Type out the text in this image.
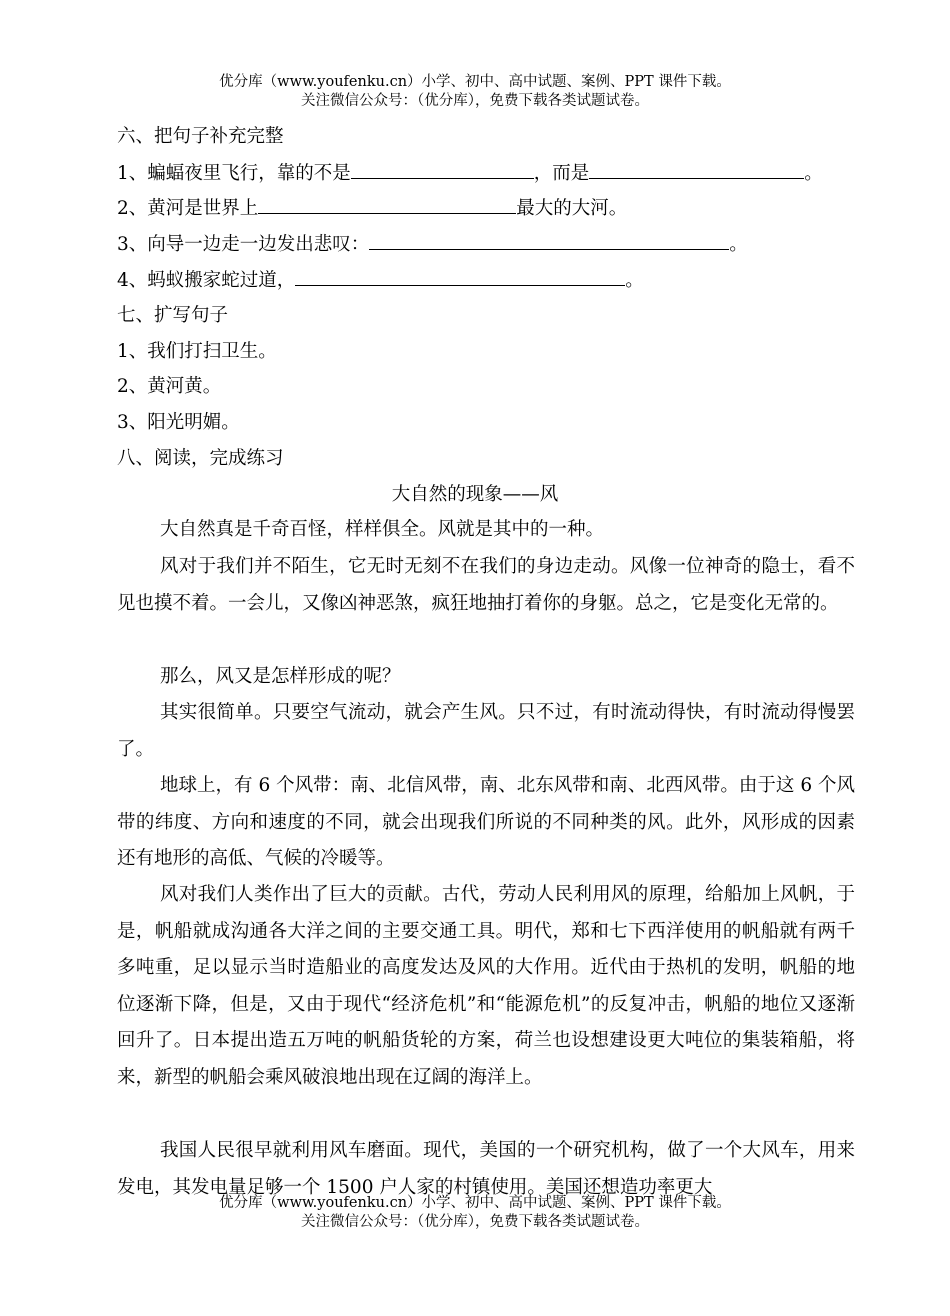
优分库（www.youfenku.cn）小学、初中、高中试题、案例、PPT 课件下载。
关注微信公众号：（优分库），免费下载各类试题试卷。
六、把句子补充完整
1、蝙蝠夜里飞行，靠的不是	，而是	。
2、黄河是世界上	最大的大河。
3、向导一边走一边发出悲叹：	。
4、蚂蚁搬家蛇过道，	。
七、扩写句子
1、我们打扫卫生。
2、黄河黄。
3、阳光明媚。
八、阅读，完成练习
大自然的现象——风
大自然真是千奇百怪，样样俱全。风就是其中的一种。
风对于我们并不陌生，它无时无刻不在我们的身边走动。风像一位神奇的隐士，看不见也摸不着。一会儿，又像凶神恶煞，疯狂地抽打着你的身躯。总之，它是变化无常的。
那么，风又是怎样形成的呢？
其实很简单。只要空气流动，就会产生风。只不过，有时流动得快，有时流动得慢罢了。
地球上，有 6 个风带：南、北信风带，南、北东风带和南、北西风带。由于这 6 个风带的纬度、方向和速度的不同，就会出现我们所说的不同种类的风。此外，风形成的因素还有地形的高低、气候的冷暖等。
风对我们人类作出了巨大的贡献。古代，劳动人民利用风的原理，给船加上风帆，于是，帆船就成沟通各大洋之间的主要交通工具。明代，郑和七下西洋使用的帆船就有两千多吨重，足以显示当时造船业的高度发达及风的大作用。近代由于热机的发明，帆船的地位逐渐下降，但是，又由于现代“经济危机”和“能源危机”的反复冲击，帆船的地位又逐渐回升了。日本提出造五万吨的帆船货轮的方案，荷兰也设想建设更大吨位的集装箱船，将来，新型的帆船会乘风破浪地出现在辽阔的海洋上。
我国人民很早就利用风车磨面。现代，美国的一个研究机构，做了一个大风车，用来发电，其发电量足够一个 1500 户人家的村镇使用。美国还想造功率更大
优分库（www.youfenku.cn）小学、初中、高中试题、案例、PPT 课件下载。
关注微信公众号：（优分库），免费下载各类试题试卷。
